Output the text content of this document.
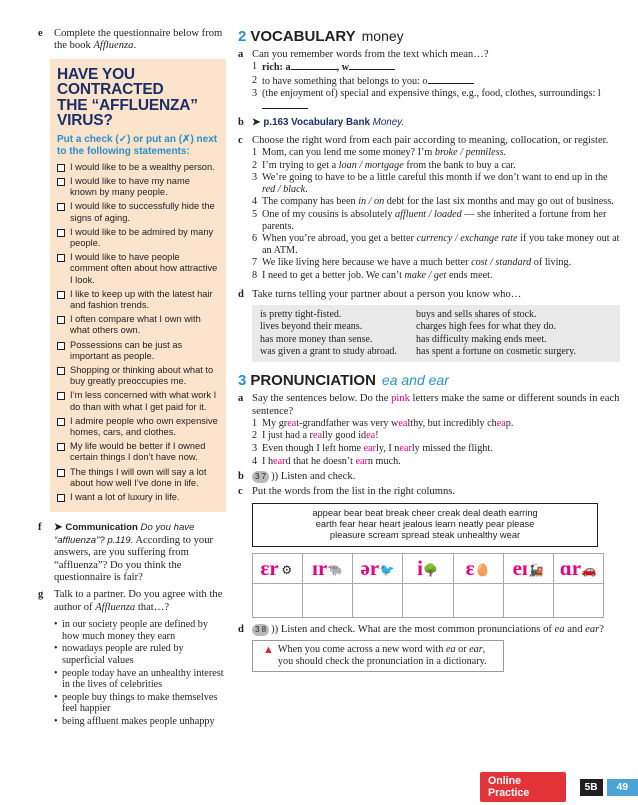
e	Complete the questionnaire below from the book Affluenza.
HAVE YOU CONTRACTED
THE “AFFLUENZA” VIRUS?
Put a check (✓) or put an (✗) next to the following statements:
I would like to be a wealthy person.
I would like to have my name known by many people.
I would like to successfully hide the signs of aging.
I would like to be admired by many people.
I would like to have people comment often about how attractive I look.
I like to keep up with the latest hair and fashion trends.
I often compare what I own with what others own.
Possessions can be just as important as people.
Shopping or thinking about what to buy greatly preoccupies me.
I’m less concerned with what work I do than with what I get paid for it.
I admire people who own expensive homes, cars, and clothes.
My life would be better if I owned certain things I don’t have now.
The things I will own will say a lot about how well I’ve done in life.
I want a lot of luxury in life.
f	➤ Communication Do you have “affluenza”? p.119. According to your answers, are you suffering from “affluenza”? Do you think the questionnaire is fair?
g	Talk to a partner. Do you agree with the author of Affluenza that…?
• in our society people are defined by how much money they earn
• nowadays people are ruled by superficial values
• people today have an unhealthy interest in the lives of celebrities
• people buy things to make themselves feel happier
• being affluent makes people unhappy
2 VOCABULARY money
a Can you remember words from the text which mean…?
1 rich: a	, w
2 to have something that belongs to you: o
3 (the enjoyment of) special and expensive things, e.g., food, clothes, surroundings: l
b ➤ p.163 Vocabulary Bank Money.
c Choose the right word from each pair according to meaning, collocation, or register.
1 Mom, can you lend me some money? I’m broke / penniless.
2 I’m trying to get a loan / mortgage from the bank to buy a car.
3 We’re going to have to be a little careful this month if we don’t want to end up in the red / black.
4 The company has been in / on debt for the last six months and may go out of business.
5 One of my cousins is absolutely affluent / loaded — she inherited a fortune from her parents.
6 When you’re abroad, you get a better currency / exchange rate if you take money out at an ATM.
7 We like living here because we have a much better cost / standard of living.
8 I need to get a better job. We can’t make / get ends meet.
d Take turns telling your partner about a person you know who…
is pretty tight-fisted.	buys and sells shares of stock.
lives beyond their means.	charges high fees for what they do.
has more money than sense.	has difficulty making ends meet.
was given a grant to study abroad.	has spent a fortune on cosmetic surgery.
3 PRONUNCIATION ea and ear
a Say the sentences below. Do the pink letters make the same or different sounds in each sentence?
1 My great-grandfather was very wealthy, but incredibly cheap.
2 I just had a really good idea!
3 Even though I left home early, I nearly missed the flight.
4 I heard that he doesn’t earn much.
b	3 7 )) Listen and check.
c Put the words from the list in the right columns.
appear bear beat break cheer creak deal death earring
earth fear hear heart jealous learn neatly pear please
pleasure scream spread steak unhealthy wear
ɛr ⚙	ɪr🐃	ər🐦	i🌳	ɛ🥚	eɪ🚂	ɑr🚗

d	3 8 )) Listen and check. What are the most common pronunciations of ea and ear?
▲ When you come across a new word with ea or ear, you should check the pronunciation in a dictionary.
Online Practice	5B	49
